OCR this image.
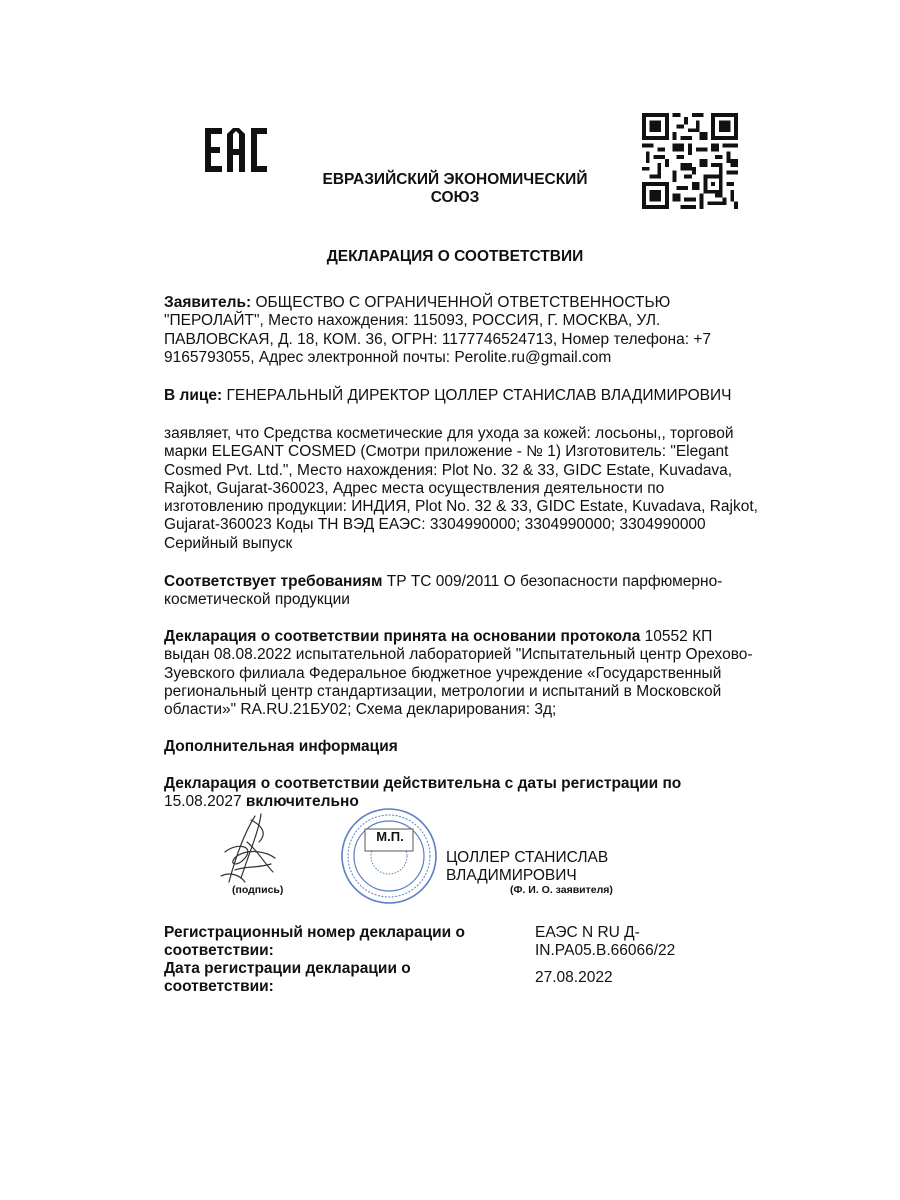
ЕВРАЗИЙСКИЙ ЭКОНОМИЧЕСКИЙ
СОЮЗ
ДЕКЛАРАЦИЯ О СООТВЕТСТВИИ
Заявитель: ОБЩЕСТВО С ОГРАНИЧЕННОЙ ОТВЕТСТВЕННОСТЬЮ
"ПЕРОЛАЙТ", Место нахождения: 115093, РОССИЯ, Г. МОСКВА, УЛ.
ПАВЛОВСКАЯ, Д. 18, КОМ. 36, ОГРН: 1177746524713, Номер телефона: +7
9165793055, Адрес электронной почты: Perolite.ru@gmail.com
В лице: ГЕНЕРАЛЬНЫЙ ДИРЕКТОР ЦОЛЛЕР СТАНИСЛАВ ВЛАДИМИРОВИЧ
заявляет, что Средства косметические для ухода за кожей: лосьоны,, торговой
марки ELEGANT COSMED (Смотри приложение - № 1) Изготовитель: "Elegant
Cosmed Pvt. Ltd.", Место нахождения: Plot No. 32 & 33, GIDC Estate, Kuvadava,
Rajkot, Gujarat-360023, Адрес места осуществления деятельности по
изготовлению продукции: ИНДИЯ, Plot No. 32 & 33, GIDC Estate, Kuvadava, Rajkot,
Gujarat-360023 Коды ТН ВЭД ЕАЭС: 3304990000; 3304990000; 3304990000
Серийный выпуск
Соответствует требованиям ТР ТС 009/2011 О безопасности парфюмерно-
косметической продукции
Декларация о соответствии принята на основании протокола 10552 КП
выдан 08.08.2022 испытательной лабораторией "Испытательный центр Орехово-
Зуевского филиала Федеральное бюджетное учреждение «Государственный
региональный центр стандартизации, метрологии и испытаний в Московской
области»" RA.RU.21БУ02; Схема декларирования: 3д;
Дополнительная информация
Декларация о соответствии действительна с даты регистрации по
15.08.2027 включительно
(подпись)
М.П.
ЦОЛЛЕР СТАНИСЛАВ
ВЛАДИМИРОВИЧ
(Ф. И. О. заявителя)
Регистрационный номер декларации о
соответствии:
ЕАЭС N RU Д-
IN.РА05.В.66066/22
Дата регистрации декларации о
соответствии:
27.08.2022
